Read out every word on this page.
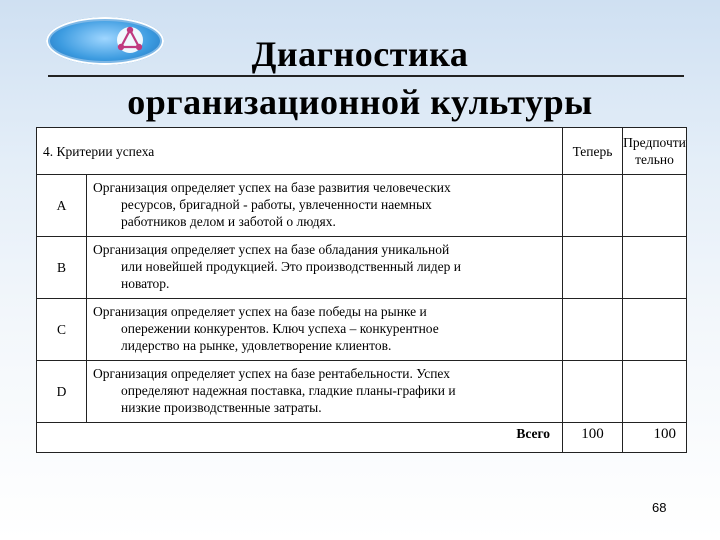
Диагностика
организационной культуры
4. Критерии успеха		Теперь	Предпочти
тельно

A	Организация определяет успех на базе развития человеческих
ресурсов, бригадной - работы, увлеченности наемных
работников делом и заботой о людях.		

B	Организация определяет успех на базе обладания уникальной
или новейшей продукцией. Это производственный лидер и
новатор.		

C	Организация определяет успех на базе победы на рынке и
опережении конкурентов. Ключ успеха – конкурентное
лидерство на рынке, удовлетворение клиентов.		

D	Организация определяет успех на базе рентабельности. Успех
определяют надежная поставка, гладкие планы-графики и
низкие производственные затраты.		

Всего		100	100
68
